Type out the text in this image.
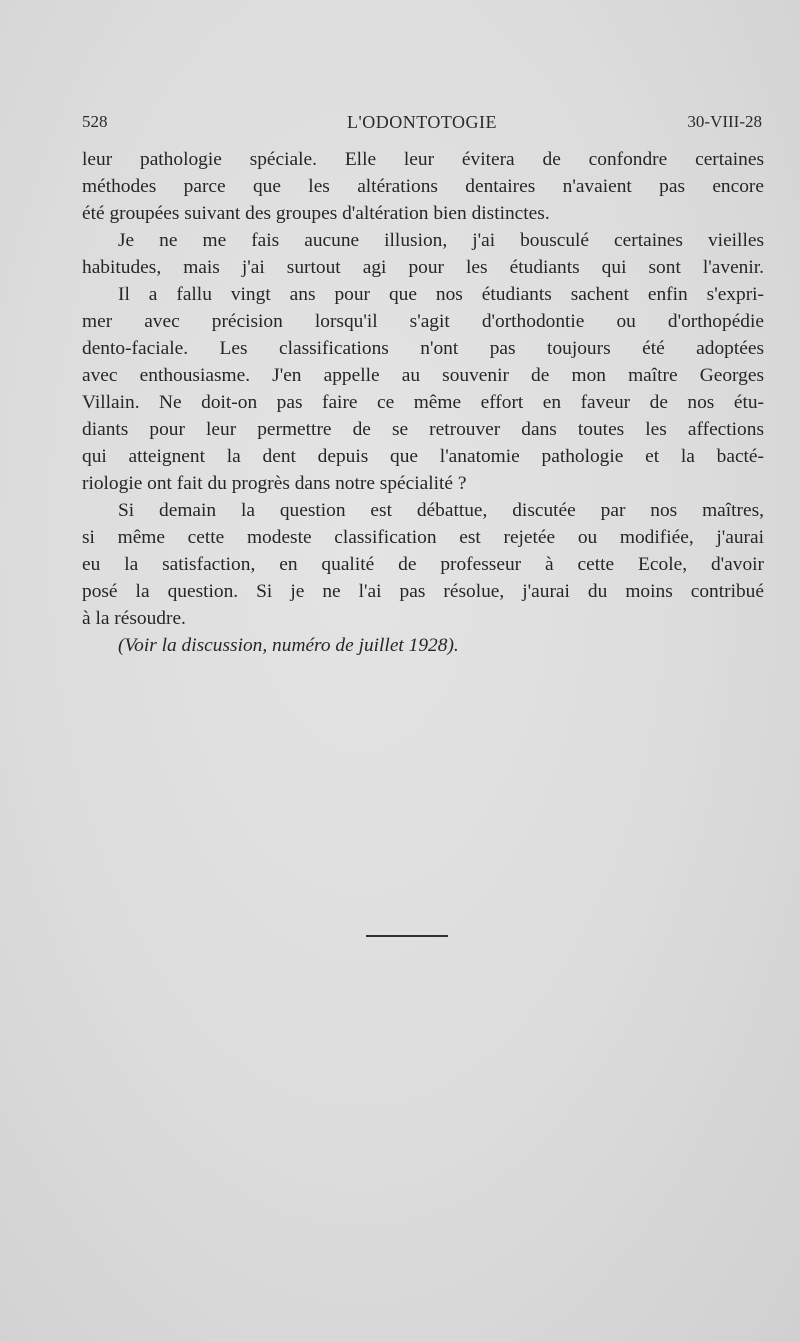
528	L'ODONTOTOGIE	30-VIII-28
leur pathologie spéciale. Elle leur évitera de confondre certaines
méthodes parce que les altérations dentaires n'avaient pas encore
été groupées suivant des groupes d'altération bien distinctes.
Je ne me fais aucune illusion, j'ai bousculé certaines vieilles
habitudes, mais j'ai surtout agi pour les étudiants qui sont l'avenir.
Il a fallu vingt ans pour que nos étudiants sachent enfin s'expri-
mer avec précision lorsqu'il s'agit d'orthodontie ou d'orthopédie
dento-faciale. Les classifications n'ont pas toujours été adoptées
avec enthousiasme. J'en appelle au souvenir de mon maître Georges
Villain. Ne doit-on pas faire ce même effort en faveur de nos étu-
diants pour leur permettre de se retrouver dans toutes les affections
qui atteignent la dent depuis que l'anatomie pathologie et la bacté-
riologie ont fait du progrès dans notre spécialité ?
Si demain la question est débattue, discutée par nos maîtres,
si même cette modeste classification est rejetée ou modifiée, j'aurai
eu la satisfaction, en qualité de professeur à cette Ecole, d'avoir
posé la question. Si je ne l'ai pas résolue, j'aurai du moins contribué
à la résoudre.
(Voir la discussion, numéro de juillet 1928).
